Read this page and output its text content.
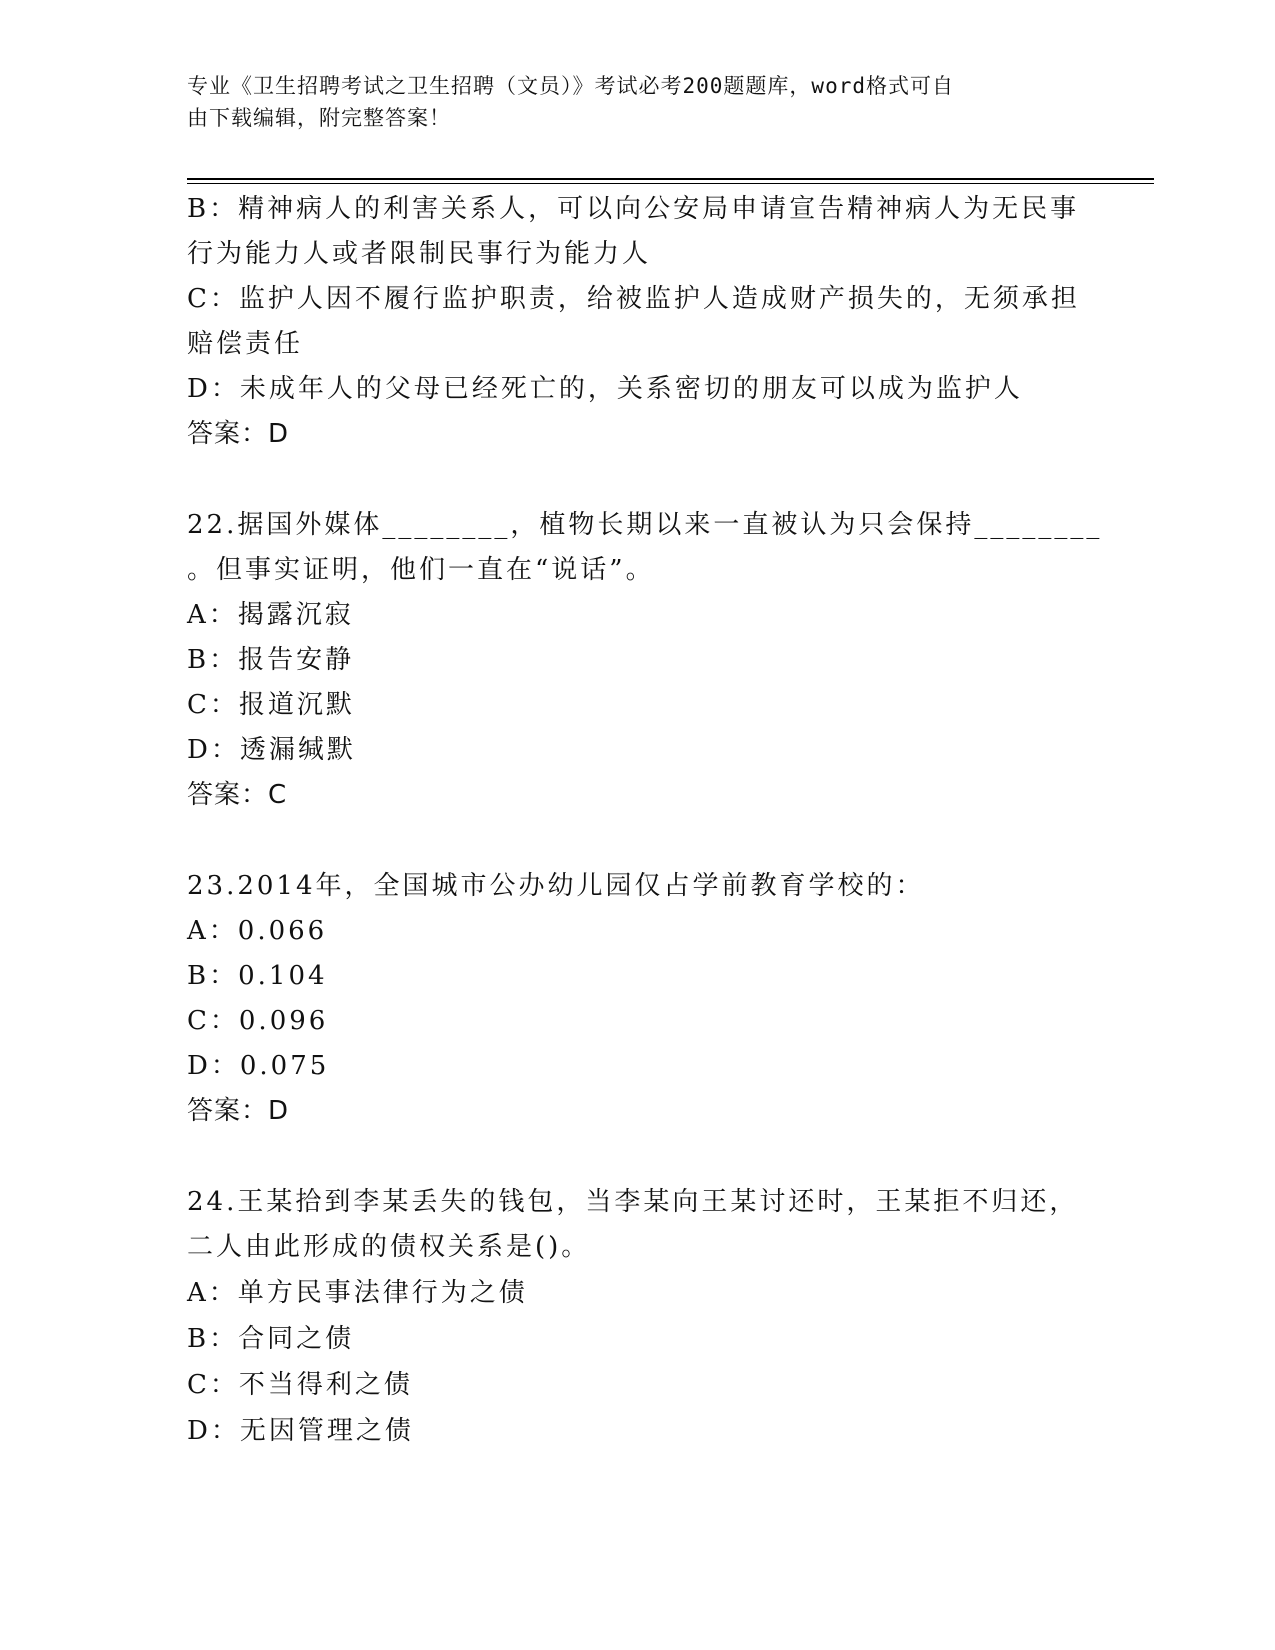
专业《卫生招聘考试之卫生招聘（文员）》考试必考200题题库，word格式可自
由下载编辑，附完整答案！
B：精神病人的利害关系人，可以向公安局申请宣告精神病人为无民事
行为能力人或者限制民事行为能力人
C：监护人因不履行监护职责，给被监护人造成财产损失的，无须承担
赔偿责任
D：未成年人的父母已经死亡的，关系密切的朋友可以成为监护人
答案：D
22.据国外媒体________，植物长期以来一直被认为只会保持________
。但事实证明，他们一直在“说话”。
A：揭露沉寂
B：报告安静
C：报道沉默
D：透漏缄默
答案：C
23.2014年，全国城市公办幼儿园仅占学前教育学校的：
A：0.066
B：0.104
C：0.096
D：0.075
答案：D
24.王某拾到李某丢失的钱包，当李某向王某讨还时，王某拒不归还，
二人由此形成的债权关系是()。
A：单方民事法律行为之债
B：合同之债
C：不当得利之债
D：无因管理之债
